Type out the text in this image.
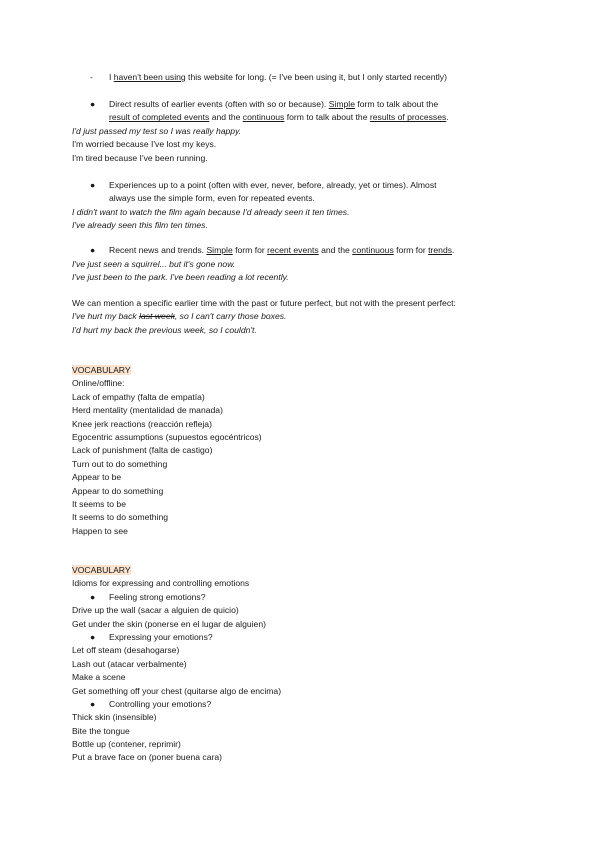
-	I haven't been using this website for long. (= I've been using it, but I only started recently)
●	Direct results of earlier events (often with so or because). Simple form to talk about the
result of completed events and the continuous form to talk about the results of processes.
I'd just passed my test so I was really happy.
I'm worried because I've lost my keys.
I'm tired because I've been running.
●	Experiences up to a point (often with ever, never, before, already, yet or times). Almost
always use the simple form, even for repeated events.
I didn't want to watch the film again because I'd already seen it ten times.
I've already seen this film ten times.
●	Recent news and trends. Simple form for recent events and the continuous form for trends.
I've just seen a squirrel... but it's gone now.
I've just been to the park. I've been reading a lot recently.
We can mention a specific earlier time with the past or future perfect, but not with the present perfect:
I've hurt my back last week, so I can't carry those boxes.
I'd hurt my back the previous week, so I couldn't.
VOCABULARY
Online/offline:
Lack of empathy (falta de empatía)
Herd mentality (mentalidad de manada)
Knee jerk reactions (reacción refleja)
Egocentric assumptions (supuestos egocéntricos)
Lack of punishment (falta de castigo)
Turn out to do something
Appear to be
Appear to do something
It seems to be
It seems to do something
Happen to see
VOCABULARY
Idioms for expressing and controlling emotions
● Feeling strong emotions?
Drive up the wall (sacar a alguien de quicio)
Get under the skin (ponerse en el lugar de alguien)
● Expressing your emotions?
Let off steam (desahogarse)
Lash out (atacar verbalmente)
Make a scene
Get something off your chest (quitarse algo de encima)
● Controlling your emotions?
Thick skin (insensible)
Bite the tongue
Bottle up (contener, reprimir)
Put a brave face on (poner buena cara)
